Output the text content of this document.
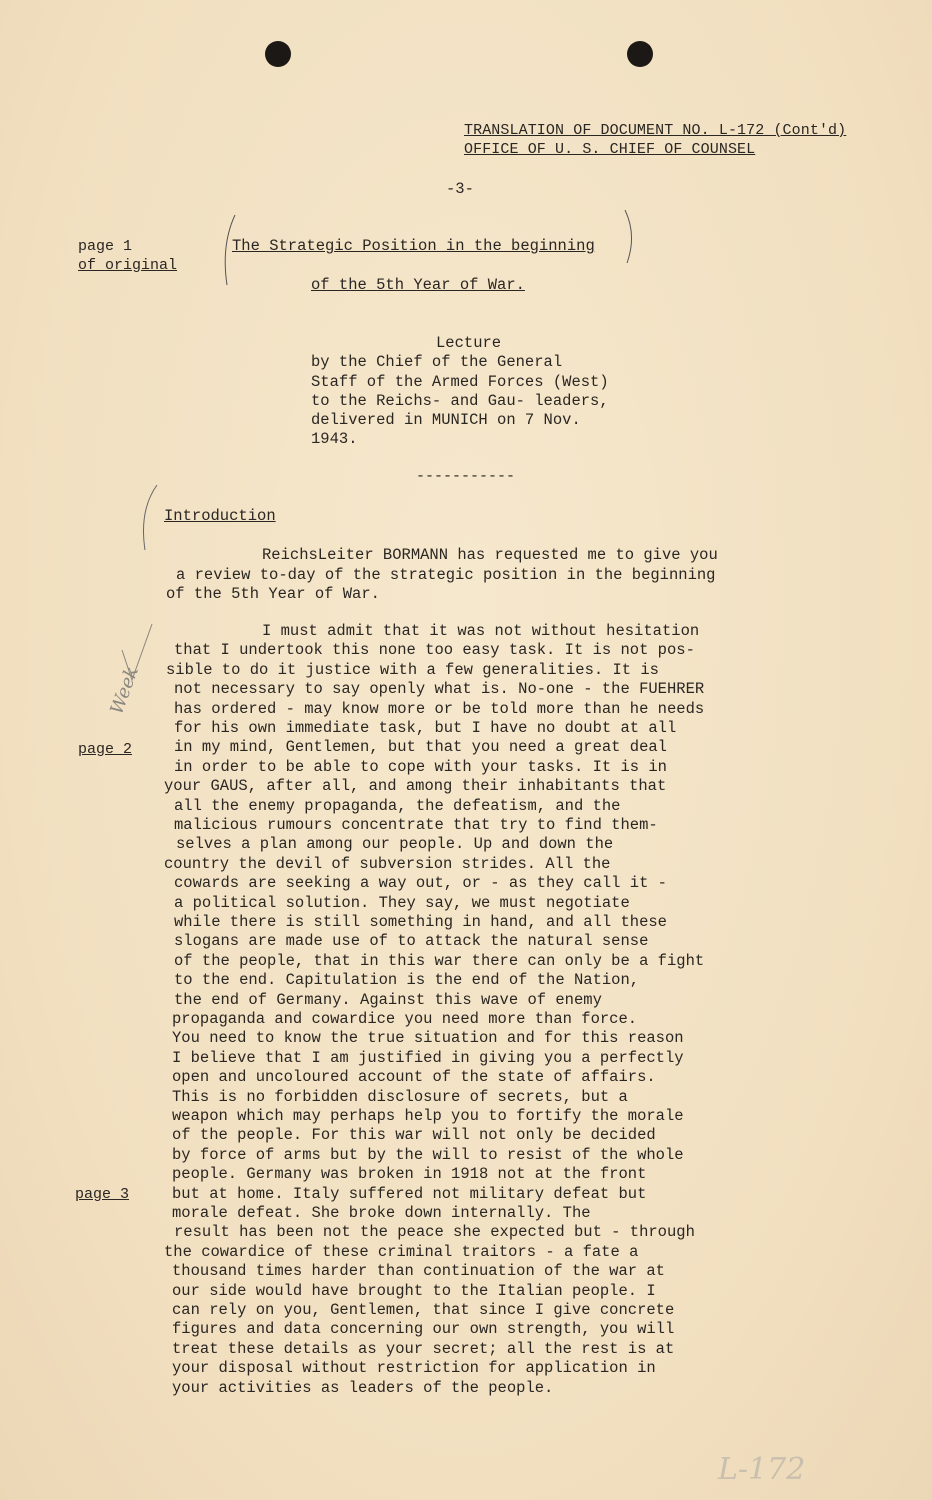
TRANSLATION OF DOCUMENT NO. L-172 (Cont'd)
OFFICE OF U. S. CHIEF OF COUNSEL
-3-
page 1
of original
The Strategic Position in the beginning
of the 5th Year of War.
Lecture
by the Chief of the General
Staff of the Armed Forces (West)
to the Reichs- and Gau- leaders,
delivered in MUNICH on 7 Nov.
1943.
-----------
Introduction
ReichsLeiter BORMANN has requested me to give you
a review to-day of the strategic position in the beginning
of the 5th Year of War.
page 2
page 3
Week
I must admit that it was not without hesitation
that I undertook this none too easy task. It is not pos-
sible to do it justice with a few generalities. It is
not necessary to say openly what is. No-one - the FUEHRER
has ordered - may know more or be told more than he needs
for his own immediate task, but I have no doubt at all
in my mind, Gentlemen, but that you need a great deal
in order to be able to cope with your tasks. It is in
your GAUS, after all, and among their inhabitants that
all the enemy propaganda, the defeatism, and the
malicious rumours concentrate that try to find them-
selves a plan among our people. Up and down the
country the devil of subversion strides. All the
cowards are seeking a way out, or - as they call it -
a political solution. They say, we must negotiate
while there is still something in hand, and all these
slogans are made use of to attack the natural sense
of the people, that in this war there can only be a fight
to the end. Capitulation is the end of the Nation,
the end of Germany. Against this wave of enemy
propaganda and cowardice you need more than force.
You need to know the true situation and for this reason
I believe that I am justified in giving you a perfectly
open and uncoloured account of the state of affairs.
This is no forbidden disclosure of secrets, but a
weapon which may perhaps help you to fortify the morale
of the people. For this war will not only be decided
by force of arms but by the will to resist of the whole
people. Germany was broken in 1918 not at the front
but at home. Italy suffered not military defeat but
morale defeat. She broke down internally. The
result has been not the peace she expected but - through
the cowardice of these criminal traitors - a fate a
thousand times harder than continuation of the war at
our side would have brought to the Italian people. I
can rely on you, Gentlemen, that since I give concrete
figures and data concerning our own strength, you will
treat these details as your secret; all the rest is at
your disposal without restriction for application in
your activities as leaders of the people.
L-172
